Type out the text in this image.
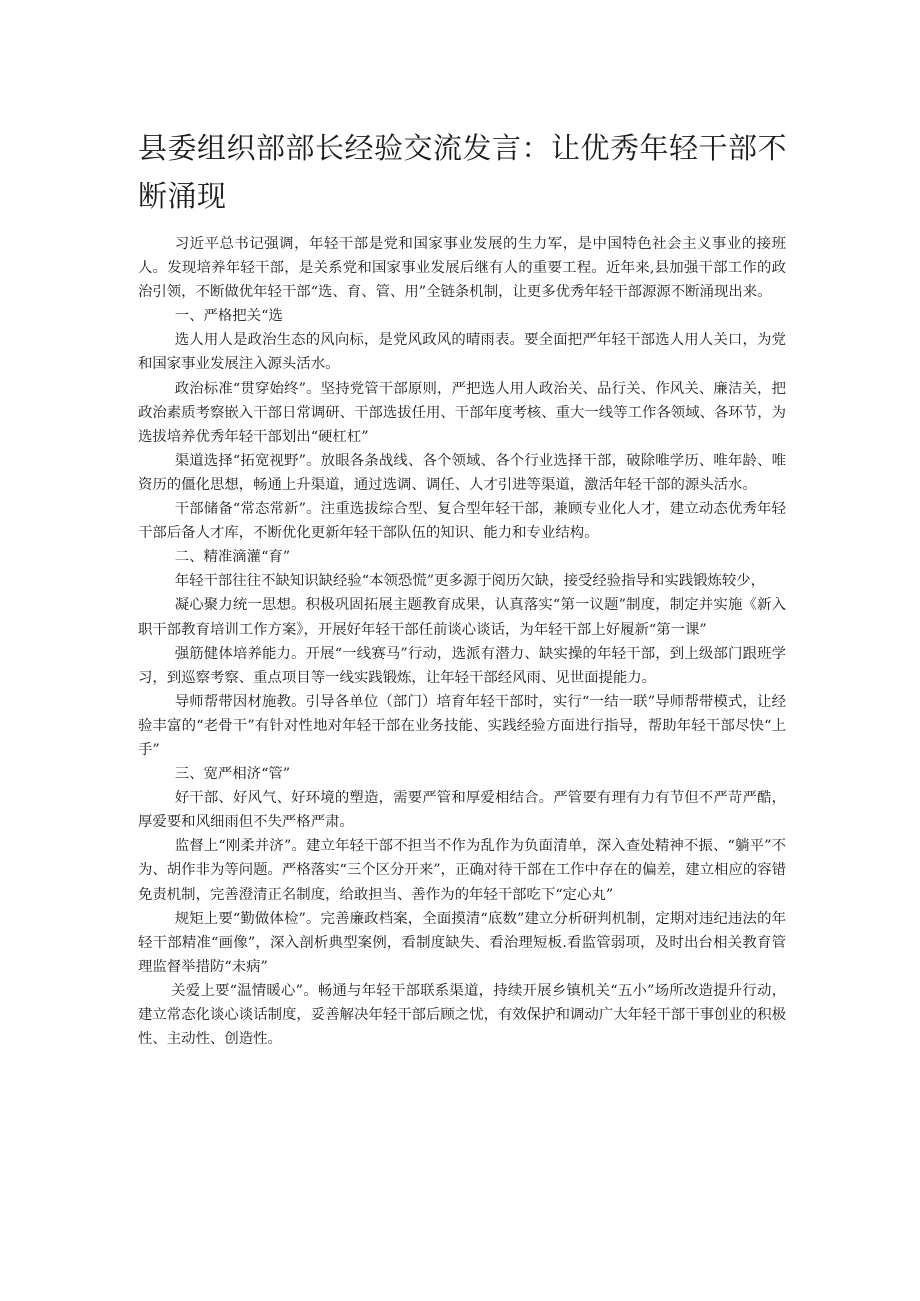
县委组织部部长经验交流发言：让优秀年轻干部不断涌现

习近平总书记强调，年轻干部是党和国家事业发展的生力军，是中国特色社会主义事业的接班人。发现培养年轻干部，是关系党和国家事业发展后继有人的重要工程。近年来,县加强干部工作的政治引领，不断做优年轻干部“选、育、管、用”全链条机制，让更多优秀年轻干部源源不断涌现出来。

一、严格把关“选

选人用人是政治生态的风向标，是党风政风的晴雨表。要全面把严年轻干部选人用人关口，为党和国家事业发展注入源头活水。

政治标准“贯穿始终”。坚持党管干部原则，严把选人用人政治关、品行关、作风关、廉洁关，把政治素质考察嵌入干部日常调研、干部选拔任用、干部年度考核、重大一线等工作各领域、各环节，为选拔培养优秀年轻干部划出“硬杠杠”

渠道选择“拓宽视野”。放眼各条战线、各个领域、各个行业选择干部，破除唯学历、唯年龄、唯资历的僵化思想，畅通上升渠道，通过选调、调任、人才引进等渠道，激活年轻干部的源头活水。

干部储备“常态常新”。注重选拔综合型、复合型年轻干部，兼顾专业化人才，建立动态优秀年轻干部后备人才库，不断优化更新年轻干部队伍的知识、能力和专业结构。

二、精准滴灌“育”

年轻干部往往不缺知识缺经验“本领恐慌”更多源于阅历欠缺，接受经验指导和实践锻炼较少，

凝心聚力统一思想。积极巩固拓展主题教育成果，认真落实“第一议题”制度，制定并实施《新入职干部教育培训工作方案》，开展好年轻干部任前谈心谈话，为年轻干部上好履新“第一课”

强筋健体培养能力。开展“一线赛马”行动，选派有潜力、缺实操的年轻干部，到上级部门跟班学习，到巡察考察、重点项目等一线实践锻炼，让年轻干部经风雨、见世面提能力。

导师帮带因材施教。引导各单位（部门）培育年轻干部时，实行“一结一联”导师帮带模式，让经验丰富的“老骨干”有针对性地对年轻干部在业务技能、实践经验方面进行指导，帮助年轻干部尽快“上手”

三、宽严相济“管”

好干部、好风气、好环境的塑造，需要严管和厚爱相结合。严管要有理有力有节但不严苛严酷，厚爱要和风细雨但不失严格严肃。

监督上“刚柔并济”。建立年轻干部不担当不作为乱作为负面清单，深入查处精神不振、“躺平”不为、胡作非为等问题。严格落实“三个区分开来”，正确对待干部在工作中存在的偏差，建立相应的容错免责机制，完善澄清正名制度，给敢担当、善作为的年轻干部吃下“定心丸”

规矩上要“勤做体检”。完善廉政档案，全面摸清“底数”建立分析研判机制，定期对违纪违法的年轻干部精准“画像”，深入剖析典型案例，看制度缺失、看治理短板.看监管弱项，及时出台相关教育管理监督举措防“未病”

关爱上要“温情暖心”。畅通与年轻干部联系渠道，持续开展乡镇机关“五小”场所改造提升行动，建立常态化谈心谈话制度，妥善解决年轻干部后顾之忧，有效保护和调动广大年轻干部干事创业的积极性、主动性、创造性。
